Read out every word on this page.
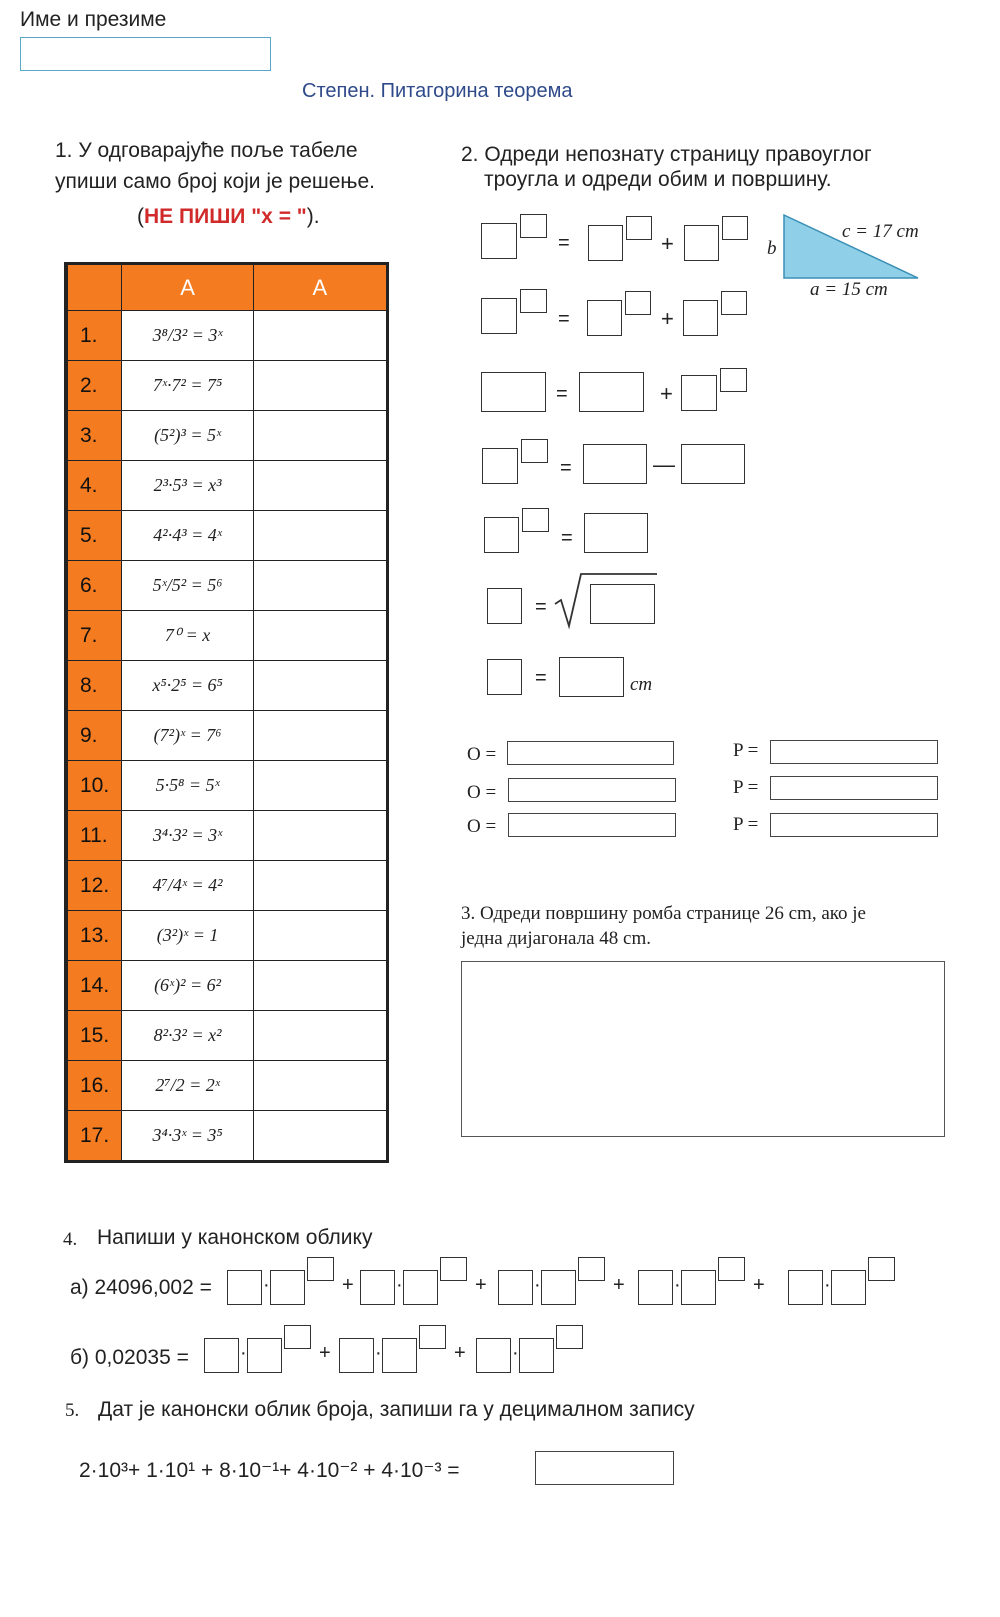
Име и презиме
Степен. Питагорина теорема
1. У одговарајуће поље табеле
упиши само број који је решење.
(НЕ ПИШИ "x = ").
	A	A
1.	3⁸/3² = 3ˣ	
2.	7ˣ·7² = 7⁵	
3.	(5²)³ = 5ˣ	
4.	2³·5³ = x³	
5.	4²·4³ = 4ˣ	
6.	5ˣ/5² = 5⁶	
7.	7⁰ = x	
8.	x⁵·2⁵ = 6⁵	
9.	(7²)ˣ = 7⁶	
10.	5·5⁸ = 5ˣ	
11.	3⁴·3² = 3ˣ	
12.	4⁷/4ˣ = 4²	
13.	(3²)ˣ = 1	
14.	(6ˣ)² = 6²	
15.	8²·3² = x²	
16.	2⁷/2 = 2ˣ	
17.	3⁴·3ˣ = 3⁵	
2. Одреди непознату страницу правоуглог
троугла и одреди обим и површину.
c = 17 cm
b
a = 15 cm
=	+
=	+
=	+
=	—
=
=
=	cm
O =
O =
O =
P =
P =
P =
3. Одреди површину ромба странице 26 cm, ако је
једна дијагонала 48 cm.
4. Напиши у канонском облику
а) 24096,002 =
б) 0,02035 =
5. Дат је канонски облик броја, запиши га у децималном запису
2·10³+ 1·10¹ + 8·10⁻¹+ 4·10⁻² + 4·10⁻³ =
·	+ ·	+ ·	+ ·	+	·
·	+ ·	+ ·
